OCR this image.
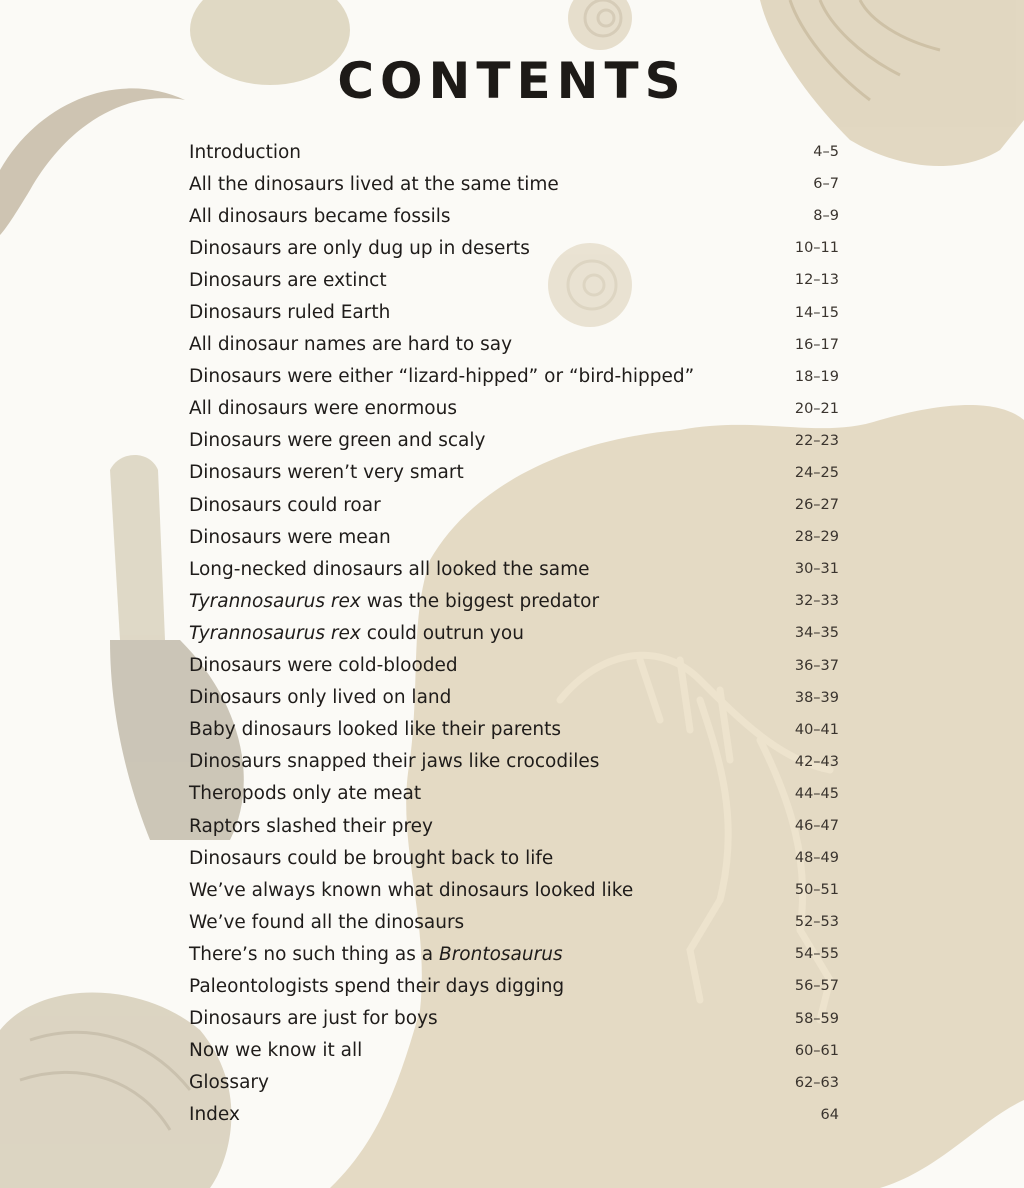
CONTENTS
Introduction	4–5
All the dinosaurs lived at the same time	6–7
All dinosaurs became fossils	8–9
Dinosaurs are only dug up in deserts	10–11
Dinosaurs are extinct	12–13
Dinosaurs ruled Earth	14–15
All dinosaur names are hard to say	16–17
Dinosaurs were either “lizard-hipped” or “bird-hipped”	18–19
All dinosaurs were enormous	20–21
Dinosaurs were green and scaly	22–23
Dinosaurs weren’t very smart	24–25
Dinosaurs could roar	26–27
Dinosaurs were mean	28–29
Long-necked dinosaurs all looked the same	30–31
Tyrannosaurus rex was the biggest predator	32–33
Tyrannosaurus rex could outrun you	34–35
Dinosaurs were cold-blooded	36–37
Dinosaurs only lived on land	38–39
Baby dinosaurs looked like their parents	40–41
Dinosaurs snapped their jaws like crocodiles	42–43
Theropods only ate meat	44–45
Raptors slashed their prey	46–47
Dinosaurs could be brought back to life	48–49
We’ve always known what dinosaurs looked like	50–51
We’ve found all the dinosaurs	52–53
There’s no such thing as a Brontosaurus	54–55
Paleontologists spend their days digging	56–57
Dinosaurs are just for boys	58–59
Now we know it all	60–61
Glossary	62–63
Index	64
